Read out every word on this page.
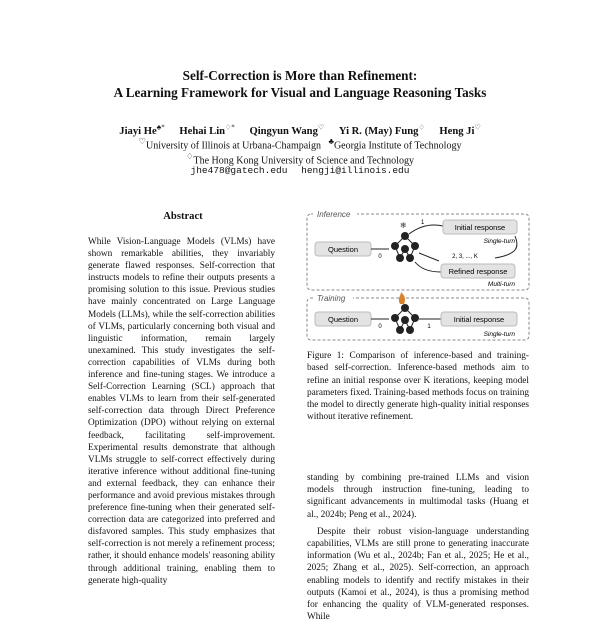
Self-Correction is More than Refinement:
A Learning Framework for Visual and Language Reasoning Tasks
Jiayi He♣* Hehai Lin♢* Qingyun Wang♡ Yi R. (May) Fung♢ Heng Ji♡
♡University of Illinois at Urbana-Champaign ♣Georgia Institute of Technology
♢The Hong Kong University of Science and Technology
jhe478@gatech.edu hengji@illinois.edu
Abstract
While Vision-Language Models (VLMs) have shown remarkable abilities, they invariably generate flawed responses. Self-correction that instructs models to refine their outputs presents a promising solution to this issue. Previous studies have mainly concentrated on Large Language Models (LLMs), while the self-correction abilities of VLMs, particularly concerning both visual and linguistic information, remain largely unexamined. This study investigates the self-correction capabilities of VLMs during both inference and fine-tuning stages. We introduce a Self-Correction Learning (SCL) approach that enables VLMs to learn from their self-generated self-correction data through Direct Preference Optimization (DPO) without relying on external feedback, facilitating self-improvement. Experimental results demonstrate that although VLMs struggle to self-correct effectively during iterative inference without additional fine-tuning and external feedback, they can enhance their performance and avoid previous mistakes through preference fine-tuning when their generated self-correction data are categorized into preferred and disfavored samples. This study emphasizes that self-correction is not merely a refinement process; rather, it should enhance models' reasoning ability through additional training, enabling them to generate high-quality
Inference
Question
0
❄ 1	Initial response
Single-turn
2, 3, ..., K
Refined response
Multi-turn
Training
Question
0	1
Initial response
Single-turn
Figure 1: Comparison of inference-based and training-based self-correction. Inference-based methods aim to refine an initial response over K iterations, keeping model parameters fixed. Training-based methods focus on training the model to directly generate high-quality initial responses without iterative refinement.

standing by combining pre-trained LLMs and vision models through instruction fine-tuning, leading to significant advancements in multimodal tasks (Huang et al., 2024b; Peng et al., 2024).

Despite their robust vision-language understanding capabilities, VLMs are still prone to generating inaccurate information (Wu et al., 2024b; Fan et al., 2025; He et al., 2025; Zhang et al., 2025). Self-correction, an approach enabling models to identify and rectify mistakes in their outputs (Kamoi et al., 2024), is thus a promising method for enhancing the quality of VLM-generated responses. While
